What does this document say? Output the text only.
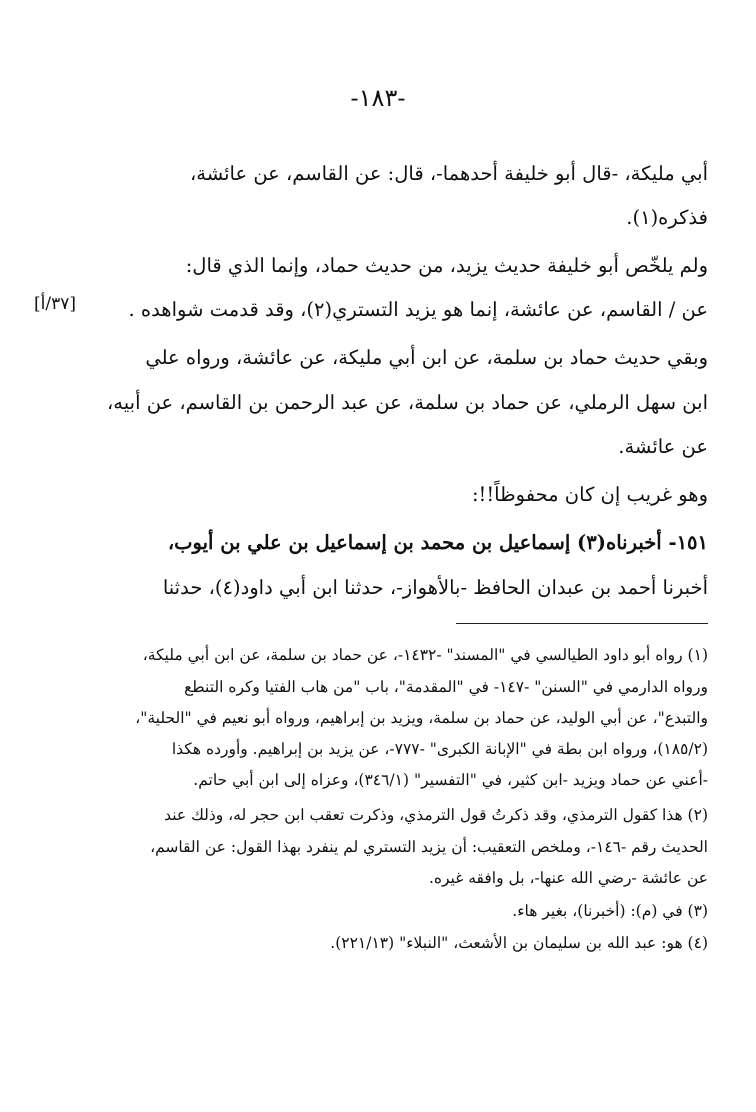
-١٨٣-
أبي مليكة، -قال أبو خليفة أحدهما-، قال: عن القاسم، عن عائشة،
فذكره(١).
ولم يلخّص أبو خليفة حديث يزيد، من حديث حماد، وإنما الذي قال:
عن / القاسم، عن عائشة، إنما هو يزيد التستري(٢)، وقد قدمت شواهده .
[٣٧/أ]
وبقي حديث حماد بن سلمة، عن ابن أبي مليكة، عن عائشة، ورواه علي
ابن سهل الرملي، عن حماد بن سلمة، عن عبد الرحمن بن القاسم، عن أبيه،
عن عائشة.
وهو غريب إن كان محفوظاً!!:
١٥١- أخبرناه(٣) إسماعيل بن محمد بن إسماعيل بن علي بن أيوب،
أخبرنا أحمد بن عبدان الحافظ -بالأهواز-، حدثنا ابن أبي داود(٤)، حدثنا
(١) رواه أبو داود الطيالسي في "المسند" -١٤٣٢-، عن حماد بن سلمة، عن ابن أبي مليكة،
ورواه الدارمي في "السنن" -١٤٧- في "المقدمة"، باب "من هاب الفتيا وكره التنطع
والتبدع"، عن أبي الوليد، عن حماد بن سلمة، ويزيد بن إبراهيم، ورواه أبو نعيم في "الحلية"،
(١٨٥/٢)، ورواه ابن بطة في "الإبانة الكبرى" -٧٧٧-، عن يزيد بن إبراهيم. وأورده هكذا
-أعني عن حماد ويزيد -ابن كثير، في "التفسير" (٣٤٦/١)، وعزاه إلى ابن أبي حاتم.
(٢) هذا كقول الترمذي، وقد ذكرتُ قول الترمذي، وذكرت تعقب ابن حجر له، وذلك عند
الحديث رقم -١٤٦-، وملخص التعقيب: أن يزيد التستري لم ينفرد بهذا القول: عن القاسم،
عن عائشة -رضي الله عنها-، بل وافقه غيره.
(٣) في (م): (أخبرنا)، بغير هاء.
(٤) هو: عبد الله بن سليمان بن الأشعث، "النبلاء" (٢٢١/١٣).
